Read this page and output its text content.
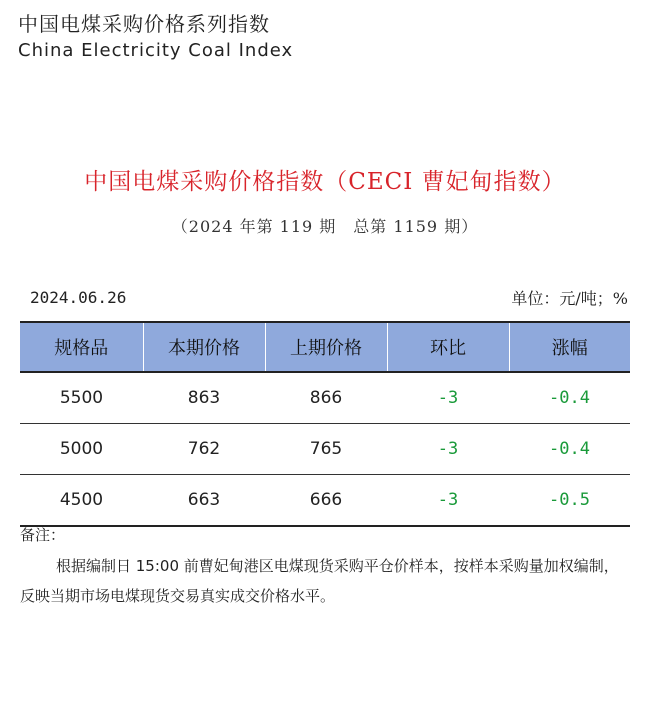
中国电煤采购价格系列指数
China Electricity Coal Index
中国电煤采购价格指数（CECI 曹妃甸指数）
（2024 年第 119 期　总第 1159 期）
2024.06.26	单位：元/吨；%
规格品	本期价格	上期价格	环比	涨幅
5500	863	866	-3	-0.4
5000	762	765	-3	-0.4
4500	663	666	-3	-0.5
备注：
根据编制日 15:00 前曹妃甸港区电煤现货采购平仓价样本，按样本采购量加权编制，反映当期市场电煤现货交易真实成交价格水平。
